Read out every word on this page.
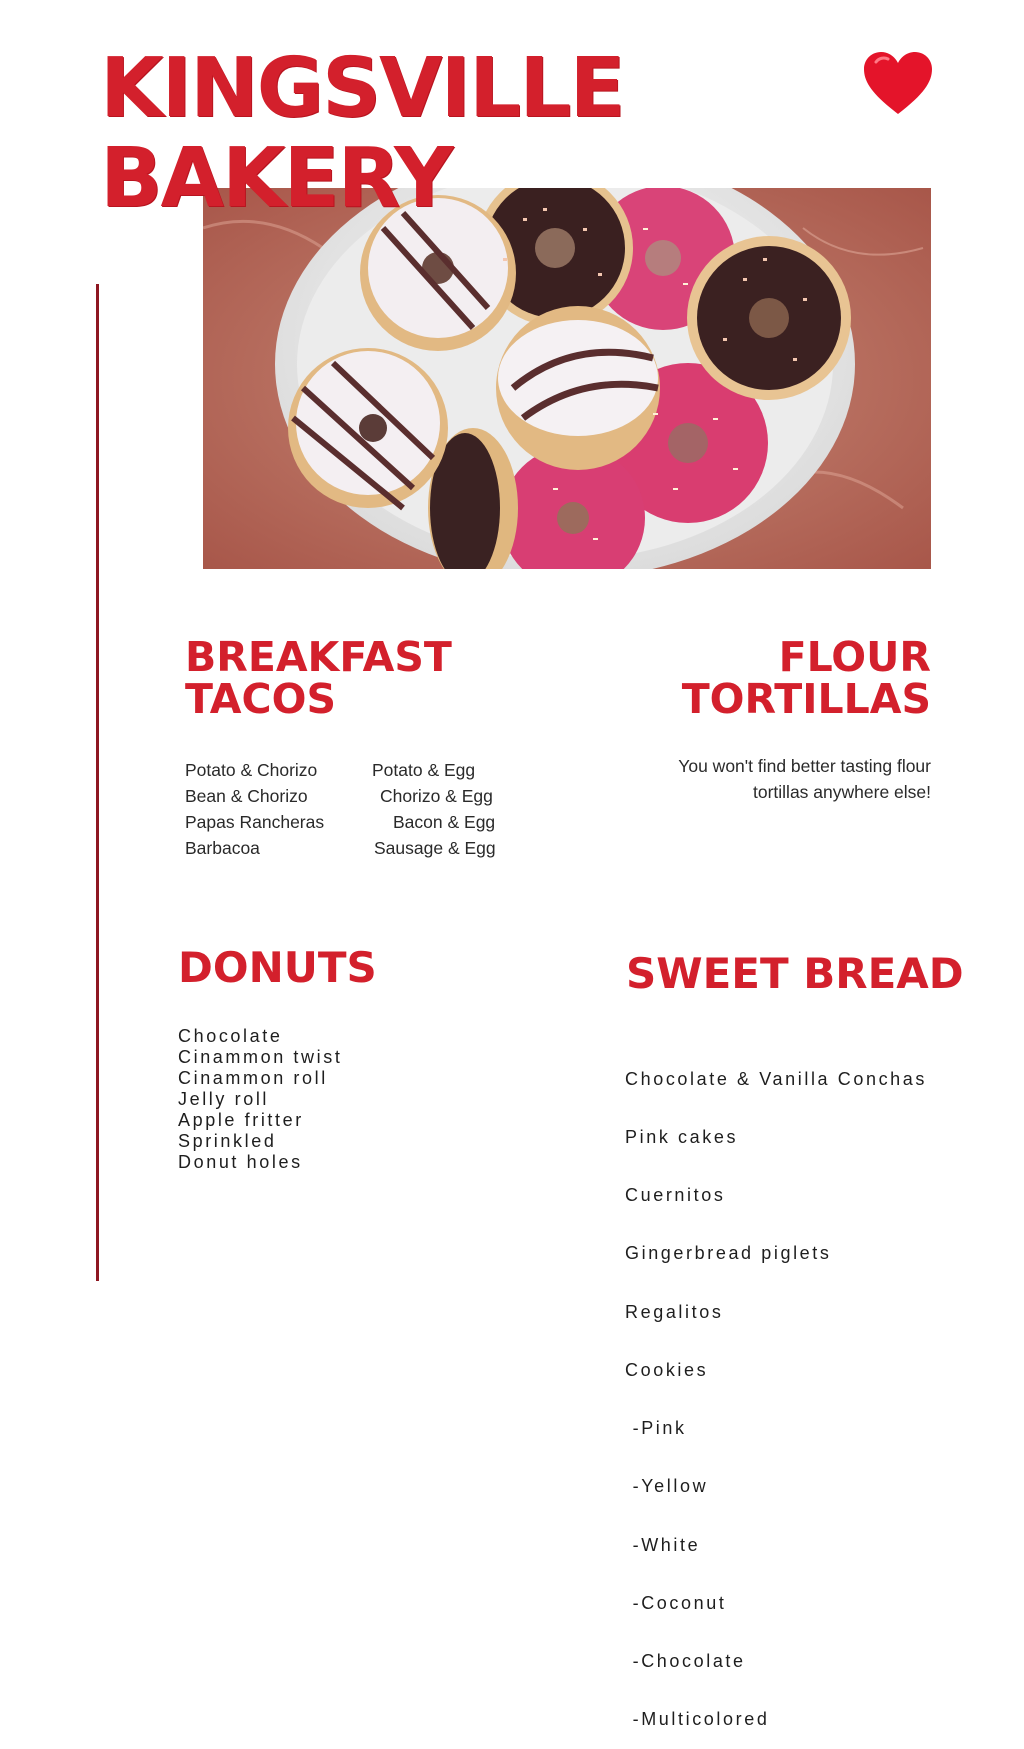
KINGSVILLE
BAKERY
BREAKFAST
TACOS
Potato & Chorizo	Potato & Egg
Bean & Chorizo	Chorizo & Egg
Papas Rancheras	Bacon & Egg
Barbacoa	Sausage & Egg
FLOUR
TORTILLAS
You won't find better tasting flour
tortillas anywhere else!
DONUTS
Chocolate
Cinammon twist
Cinammon roll
Jelly roll
Apple fritter
Sprinkled
Donut holes
SWEET BREAD

Chocolate & Vanilla Conchas

Pink cakes

Cuernitos

Gingerbread piglets

Regalitos

Cookies

-Pink

-Yellow

-White

-Coconut

-Chocolate

-Multicolored
